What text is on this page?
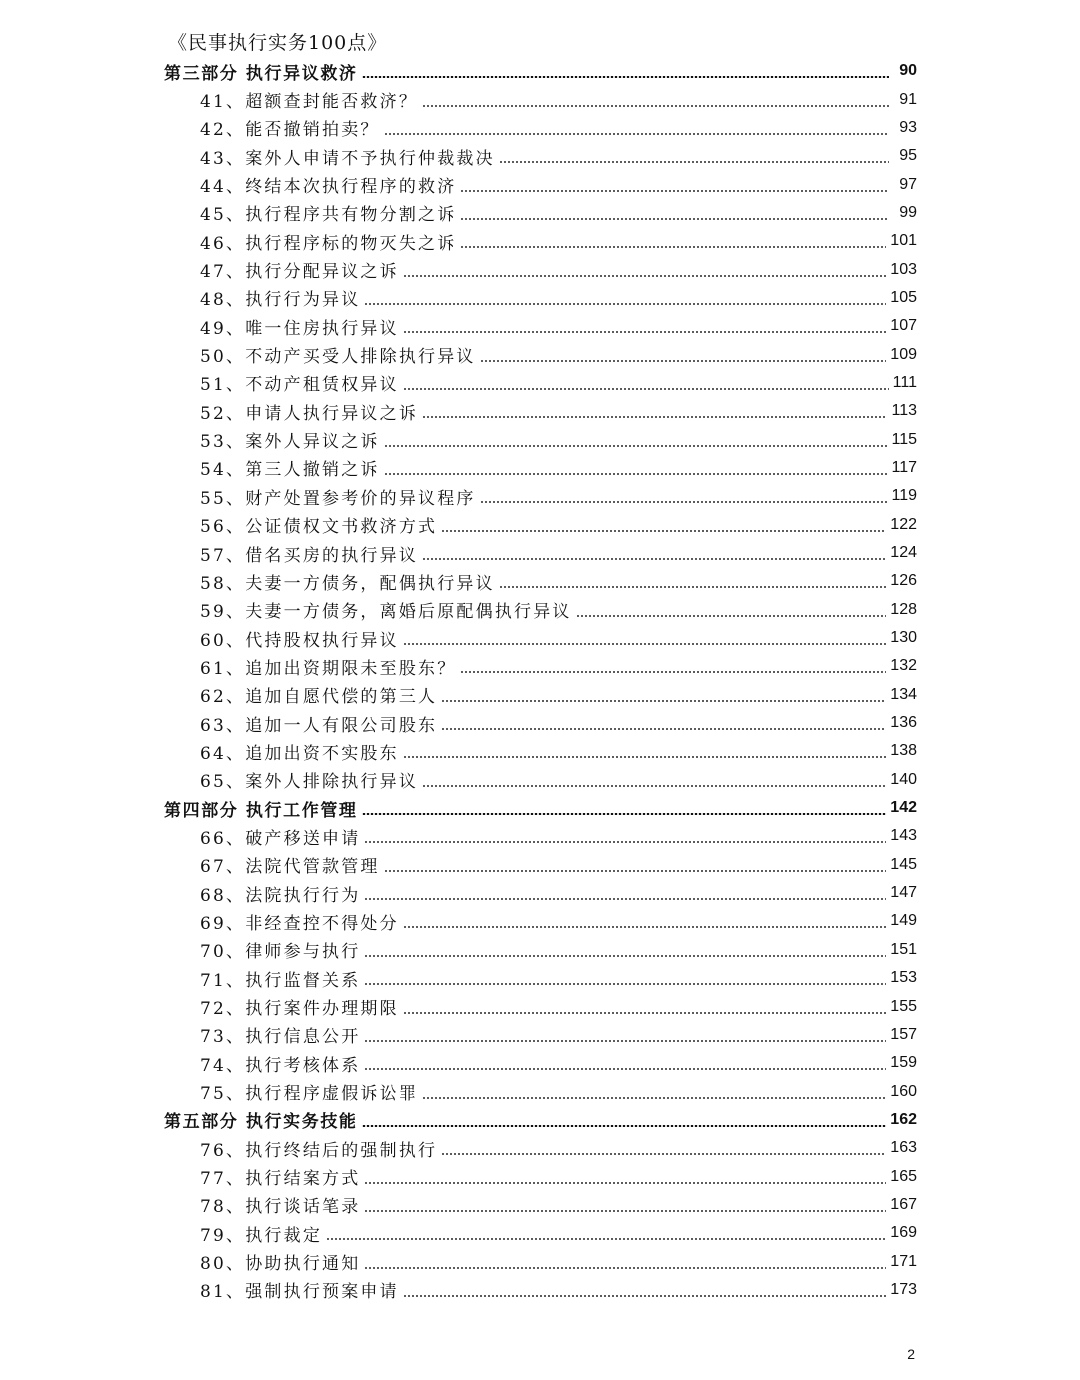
《民事执行实务100点》
第三部分 执行异议救济	90
41、超额查封能否救济？	91
42、能否撤销拍卖？	93
43、案外人申请不予执行仲裁裁决	95
44、终结本次执行程序的救济	97
45、执行程序共有物分割之诉	99
46、执行程序标的物灭失之诉	101
47、执行分配异议之诉	103
48、执行行为异议	105
49、唯一住房执行异议	107
50、不动产买受人排除执行异议	109
51、不动产租赁权异议	111
52、申请人执行异议之诉	113
53、案外人异议之诉	115
54、第三人撤销之诉	117
55、财产处置参考价的异议程序	119
56、公证债权文书救济方式	122
57、借名买房的执行异议	124
58、夫妻一方债务，配偶执行异议	126
59、夫妻一方债务，离婚后原配偶执行异议	128
60、代持股权执行异议	130
61、追加出资期限未至股东？	132
62、追加自愿代偿的第三人	134
63、追加一人有限公司股东	136
64、追加出资不实股东	138
65、案外人排除执行异议	140
第四部分 执行工作管理	142
66、破产移送申请	143
67、法院代管款管理	145
68、法院执行行为	147
69、非经查控不得处分	149
70、律师参与执行	151
71、执行监督关系	153
72、执行案件办理期限	155
73、执行信息公开	157
74、执行考核体系	159
75、执行程序虚假诉讼罪	160
第五部分 执行实务技能	162
76、执行终结后的强制执行	163
77、执行结案方式	165
78、执行谈话笔录	167
79、执行裁定	169
80、协助执行通知	171
81、强制执行预案申请	173
2
